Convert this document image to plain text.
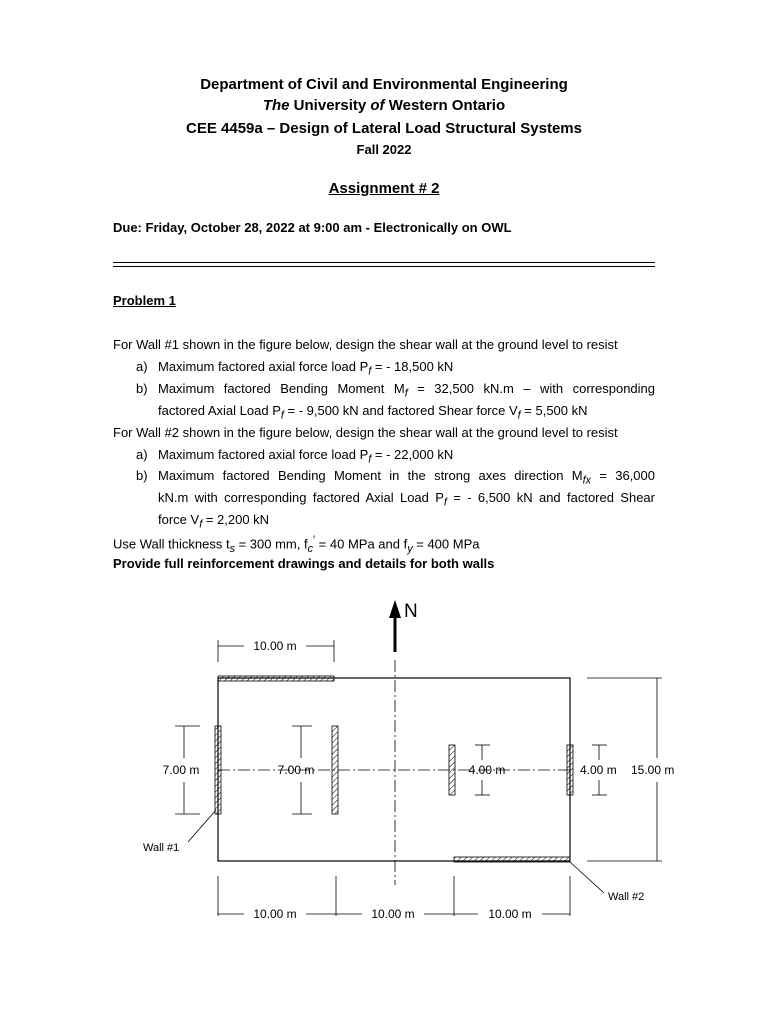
Department of Civil and Environmental Engineering
The University of Western Ontario
CEE 4459a – Design of Lateral Load Structural Systems
Fall 2022
Assignment # 2
Due: Friday, October 28, 2022 at 9:00 am - Electronically on OWL
Problem 1
For Wall #1 shown in the figure below, design the shear wall at the ground level to resist
a) Maximum factored axial force load $P_f$ = - 18,500 kN
b) Maximum factored Bending Moment $M_f = 32,500$ kN.m – with corresponding
factored Axial Load $P_f$ = - 9,500 kN and factored Shear force $V_f = 5,500$ kN
For Wall #2 shown in the figure below, design the shear wall at the ground level to resist
a) Maximum factored axial force load $P_f$ = - 22,000 kN
b) Maximum factored Bending Moment in the strong axes direction $M_{fx} = 36,000$
kN.m with corresponding factored Axial Load $P_f$ = - 6,500 kN and factored Shear
force $V_f = 2,200$ kN
Use Wall thickness $t_s = 300$ mm, $f_c' = 40$ MPa and $f_y = 400$ MPa
Provide full reinforcement drawings and details for both walls
N
10.00 m
7.00 m	7.00 m	4.00 m	4.00 m 15.00 m
10.00 m	10.00 m	10.00 m
Wall #1
Wall #2
